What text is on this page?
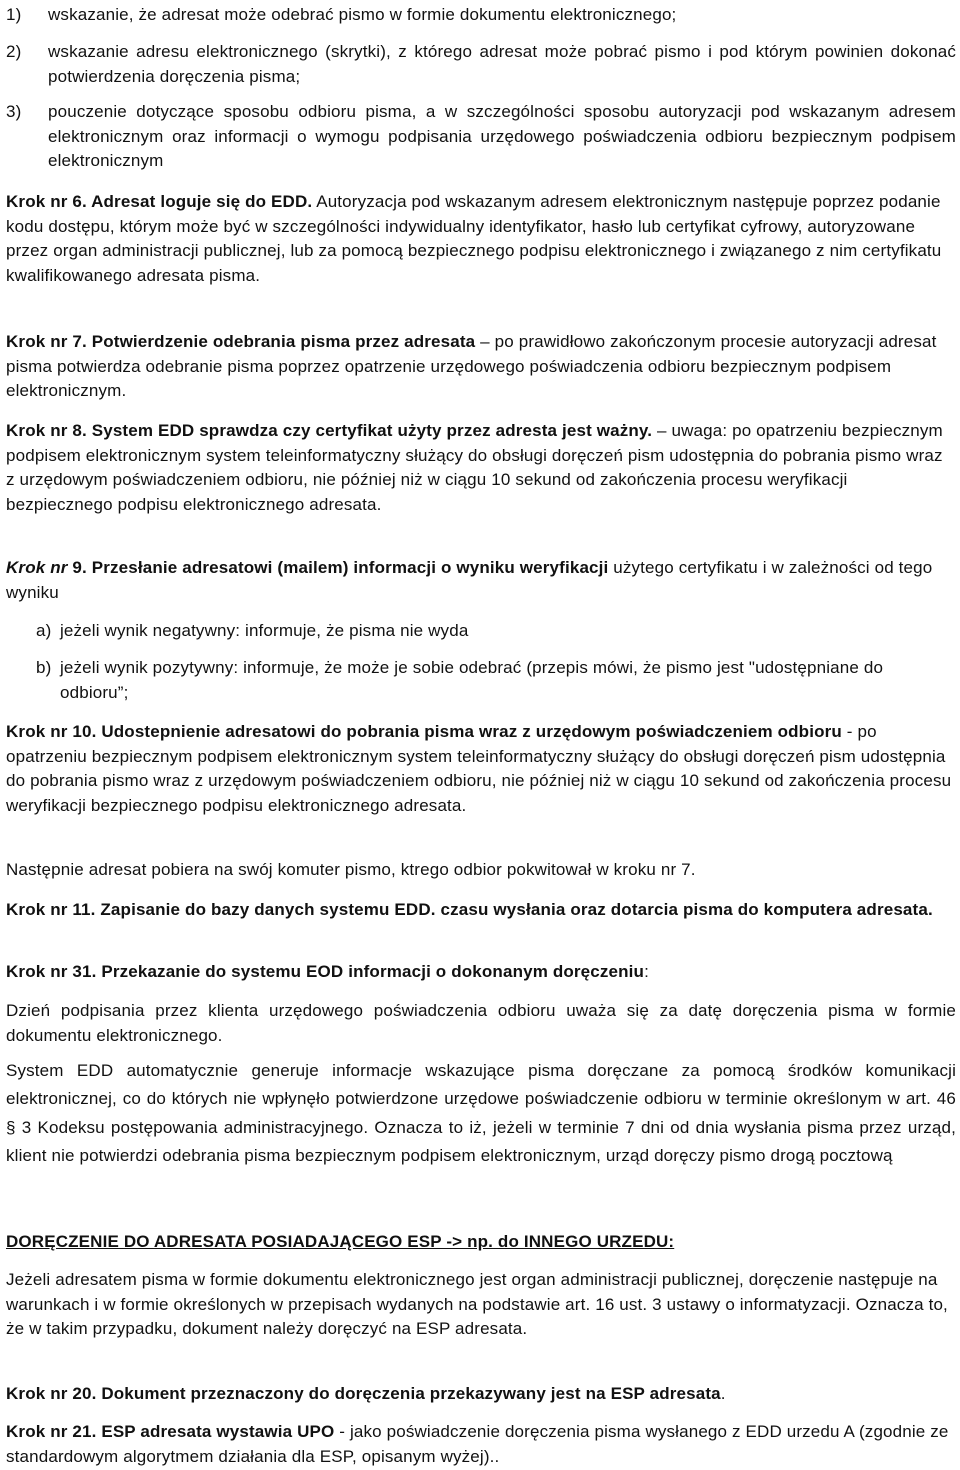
1)	wskazanie, że adresat może odebrać pismo w formie dokumentu elektronicznego;
2)	wskazanie adresu elektronicznego (skrytki), z którego adresat może pobrać pismo i pod którym powinien dokonać potwierdzenia doręczenia pisma;
3)	pouczenie dotyczące sposobu odbioru pisma, a w szczególności sposobu autoryzacji pod wskazanym adresem elektronicznym oraz informacji o wymogu podpisania urzędowego poświadczenia odbioru bezpiecznym podpisem elektronicznym

Krok nr 6. Adresat loguje się do EDD. Autoryzacja pod wskazanym adresem elektronicznym następuje poprzez podanie kodu dostępu, którym może być w szczególności indywidualny identyfikator, hasło lub certyfikat cyfrowy, autoryzowane przez organ administracji publicznej, lub za pomocą bezpiecznego podpisu elektronicznego i związanego z nim certyfikatu kwalifikowanego adresata pisma.

Krok nr 7. Potwierdzenie odebrania pisma przez adresata – po prawidłowo zakończonym procesie autoryzacji adresat pisma potwierdza odebranie pisma poprzez opatrzenie urzędowego poświadczenia odbioru bezpiecznym podpisem elektronicznym.

Krok nr 8. System EDD sprawdza czy certyfikat użyty przez adresta jest ważny. – uwaga: po opatrzeniu bezpiecznym podpisem elektronicznym system teleinformatyczny służący do obsługi doręczeń pism udostępnia do pobrania pismo wraz z urzędowym poświadczeniem odbioru, nie później niż w ciągu 10 sekund od zakończenia procesu weryfikacji bezpiecznego podpisu elektronicznego adresata.

Krok nr 9. Przesłanie adresatowi (mailem) informacji o wyniku weryfikacji użytego certyfikatu i w zależności od tego wyniku

a) jeżeli wynik negatywny: informuje, że pisma nie wyda
b) jeżeli wynik pozytywny: informuje, że może je sobie odebrać (przepis mówi, że pismo jest "udostępniane do odbioru”;

Krok nr 10. Udostepnienie adresatowi do pobrania pisma wraz z urzędowym poświadczeniem odbioru - po opatrzeniu bezpiecznym podpisem elektronicznym system teleinformatyczny służący do obsługi doręczeń pism udostępnia do pobrania pismo wraz z urzędowym poświadczeniem odbioru, nie później niż w ciągu 10 sekund od zakończenia procesu weryfikacji bezpiecznego podpisu elektronicznego adresata.

Następnie adresat pobiera na swój komuter pismo, ktrego odbior pokwitował w kroku nr 7.

Krok nr 11. Zapisanie do bazy danych systemu EDD. czasu wysłania oraz dotarcia pisma do komputera adresata.

Krok nr 31. Przekazanie do systemu EOD informacji o dokonanym doręczeniu:

Dzień podpisania przez klienta urzędowego poświadczenia odbioru uważa się za datę doręczenia pisma w formie dokumentu elektronicznego.

System EDD automatycznie generuje informacje wskazujące pisma doręczane za pomocą środków komunikacji elektronicznej, co do których nie wpłynęło potwierdzone urzędowe poświadczenie odbioru w terminie określonym w art. 46 § 3 Kodeksu postępowania administracyjnego. Oznacza to iż, jeżeli w terminie 7 dni od dnia wysłania pisma przez urząd, klient nie potwierdzi odebrania pisma bezpiecznym podpisem elektronicznym, urząd doręczy pismo drogą pocztową

DORĘCZENIE DO ADRESATA POSIADAJĄCEGO ESP -> np. do INNEGO URZEDU:

Jeżeli adresatem pisma w formie dokumentu elektronicznego jest organ administracji publicznej, doręczenie następuje na warunkach i w formie określonych w przepisach wydanych na podstawie art. 16 ust. 3 ustawy o informatyzacji. Oznacza to, że w takim przypadku, dokument należy doręczyć na ESP adresata.

Krok nr 20. Dokument przeznaczony do doręczenia przekazywany jest na ESP adresata.

Krok nr 21. ESP adresata wystawia UPO - jako poświadczenie doręczenia pisma wysłanego z EDD urzedu A (zgodnie ze standardowym algorytmem działania dla ESP, opisanym wyżej)..
